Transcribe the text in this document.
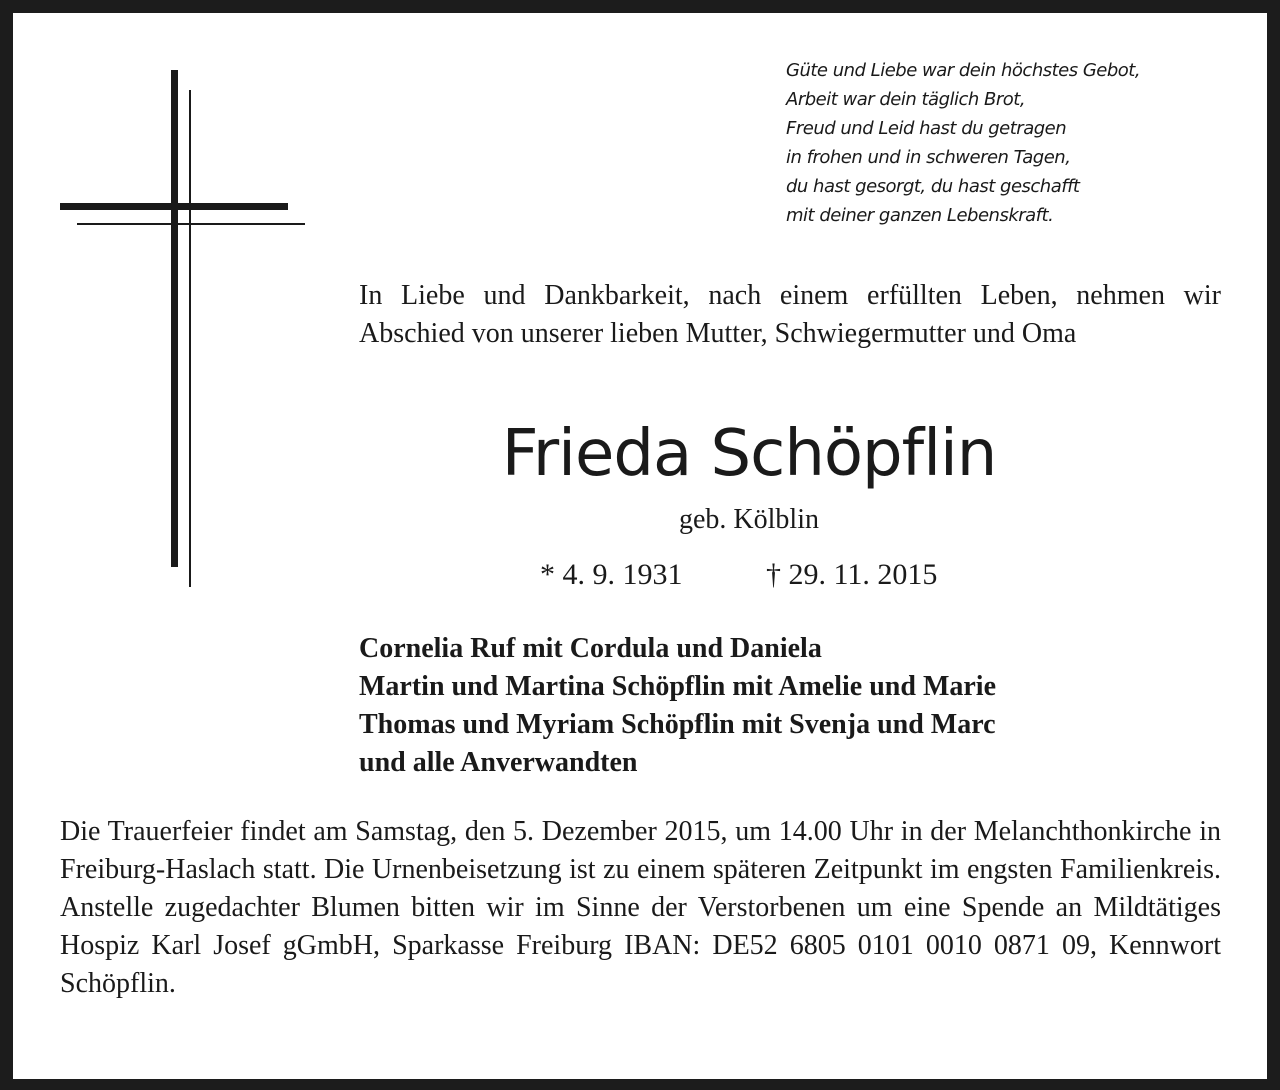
Güte und Liebe war dein höchstes Gebot,
Arbeit war dein täglich Brot,
Freud und Leid hast du getragen
in frohen und in schweren Tagen,
du hast gesorgt, du hast geschafft
mit deiner ganzen Lebenskraft.
In Liebe und Dankbarkeit, nach einem erfüllten Leben, nehmen wir Abschied von unserer lieben Mutter, Schwiegermutter und Oma
Frieda Schöpflin
geb. Kölblin
* 4. 9. 1931	† 29. 11. 2015
Cornelia Ruf mit Cordula und Daniela
Martin und Martina Schöpflin mit Amelie und Marie
Thomas und Myriam Schöpflin mit Svenja und Marc
und alle Anverwandten
Die Trauerfeier findet am Samstag, den 5. Dezember 2015, um 14.00 Uhr in der Melanchthonkirche in Freiburg-Haslach statt. Die Urnenbeisetzung ist zu einem späteren Zeitpunkt im engsten Familienkreis. Anstelle zugedachter Blumen bitten wir im Sinne der Verstorbenen um eine Spende an Mildtätiges Hospiz Karl Josef gGmbH, Sparkasse Freiburg IBAN: DE52 6805 0101 0010 0871 09, Kennwort Schöpflin.
